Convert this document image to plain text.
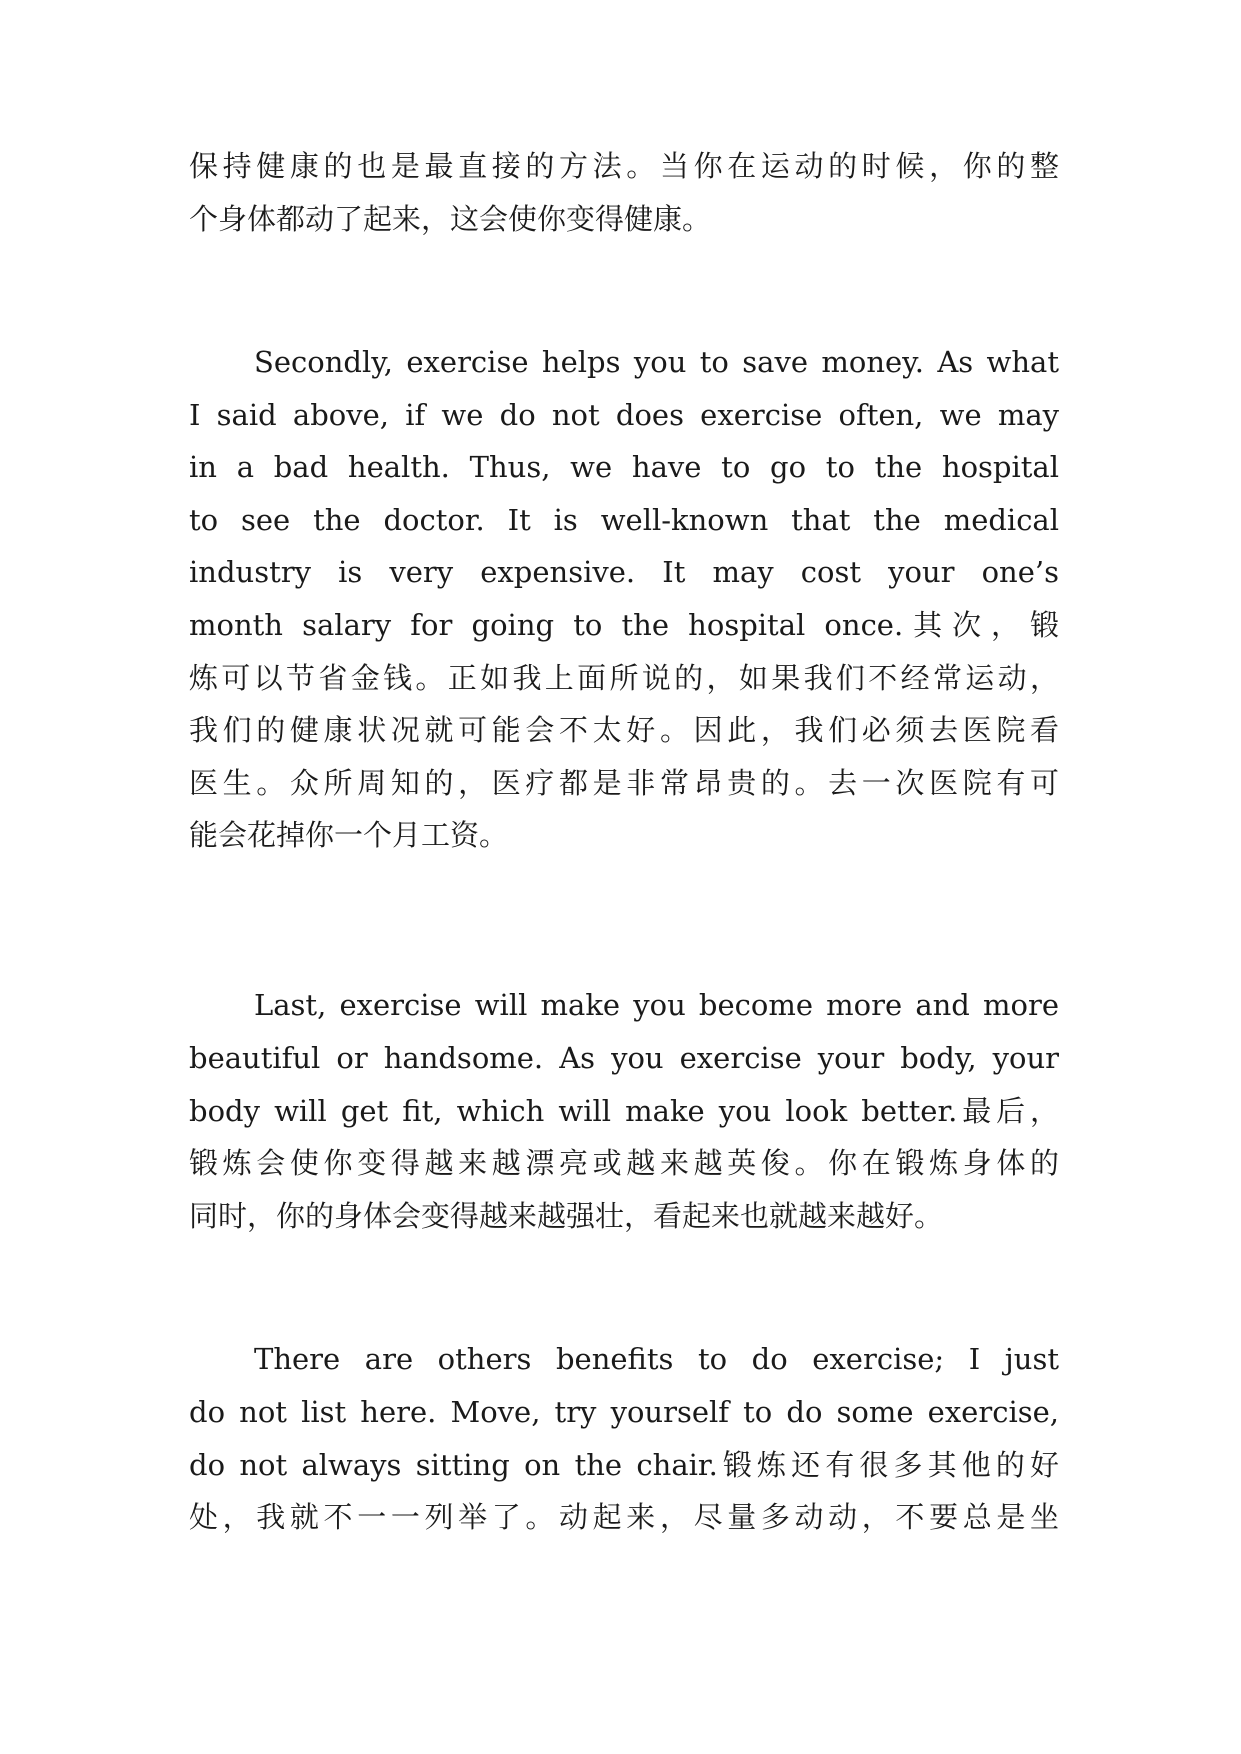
保持健康的也是最直接的方法。当你在运动的时候，你的整

个身体都动了起来，这会使你变得健康。

Secondly, exercise helps you to save money. As what

I said above, if we do not does exercise often, we may

in a bad health. Thus, we have to go to the hospital

to see the doctor. It is well-known that the medical

industry is very expensive. It may cost your one’s

month salary for going to the hospital once.其次，锻

炼可以节省金钱。正如我上面所说的，如果我们不经常运动，

我们的健康状况就可能会不太好。因此，我们必须去医院看

医生。众所周知的，医疗都是非常昂贵的。去一次医院有可

能会花掉你一个月工资。

Last, exercise will make you become more and more

beautiful or handsome. As you exercise your body, your

body will get fit, which will make you look better.最后，

锻炼会使你变得越来越漂亮或越来越英俊。你在锻炼身体的

同时，你的身体会变得越来越强壮，看起来也就越来越好。

There are others benefits to do exercise; I just

do not list here. Move, try yourself to do some exercise,

do not always sitting on the chair.锻炼还有很多其他的好

处，我就不一一列举了。动起来，尽量多动动，不要总是坐
